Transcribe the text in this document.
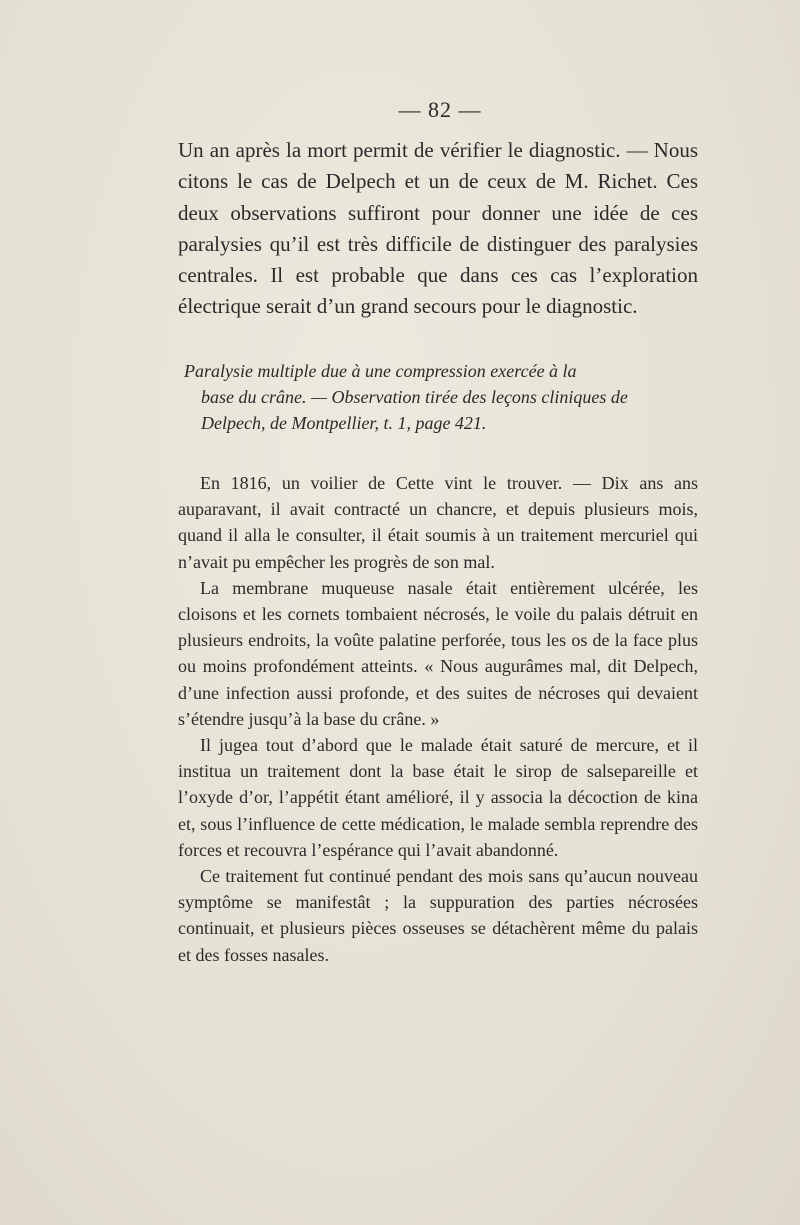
— 82 —

Un an après la mort permit de vérifier le diagnostic. — Nous citons le cas de Delpech et un de ceux de M. Richet. Ces deux observations suffiront pour donner une idée de ces paralysies qu’il est très difficile de distinguer des paralysies centrales. Il est probable que dans ces cas l’exploration électrique serait d’un grand secours pour le diagnostic.

Paralysie multiple due à une compression exercée à la
base du crâne. — Observation tirée des leçons cliniques de
Delpech, de Montpellier, t. 1, page 421.

En 1816, un voilier de Cette vint le trouver. — Dix ans ans auparavant, il avait contracté un chancre, et depuis plusieurs mois, quand il alla le consulter, il était soumis à un traitement mercuriel qui n’avait pu empêcher les progrès de son mal.

La membrane muqueuse nasale était entièrement ulcérée, les cloisons et les cornets tombaient nécrosés, le voile du palais détruit en plusieurs endroits, la voûte palatine perforée, tous les os de la face plus ou moins profondément atteints. « Nous augurâmes mal, dit Delpech, d’une infection aussi profonde, et des suites de nécroses qui devaient s’étendre jusqu’à la base du crâne. »

Il jugea tout d’abord que le malade était saturé de mercure, et il institua un traitement dont la base était le sirop de salsepareille et l’oxyde d’or, l’appétit étant amélioré, il y associa la décoction de kina et, sous l’influence de cette médication, le malade sembla reprendre des forces et recouvra l’espérance qui l’avait abandonné.

Ce traitement fut continué pendant des mois sans qu’aucun nouveau symptôme se manifestât ; la suppuration des parties nécrosées continuait, et plusieurs pièces osseuses se détachèrent même du palais et des fosses nasales.
